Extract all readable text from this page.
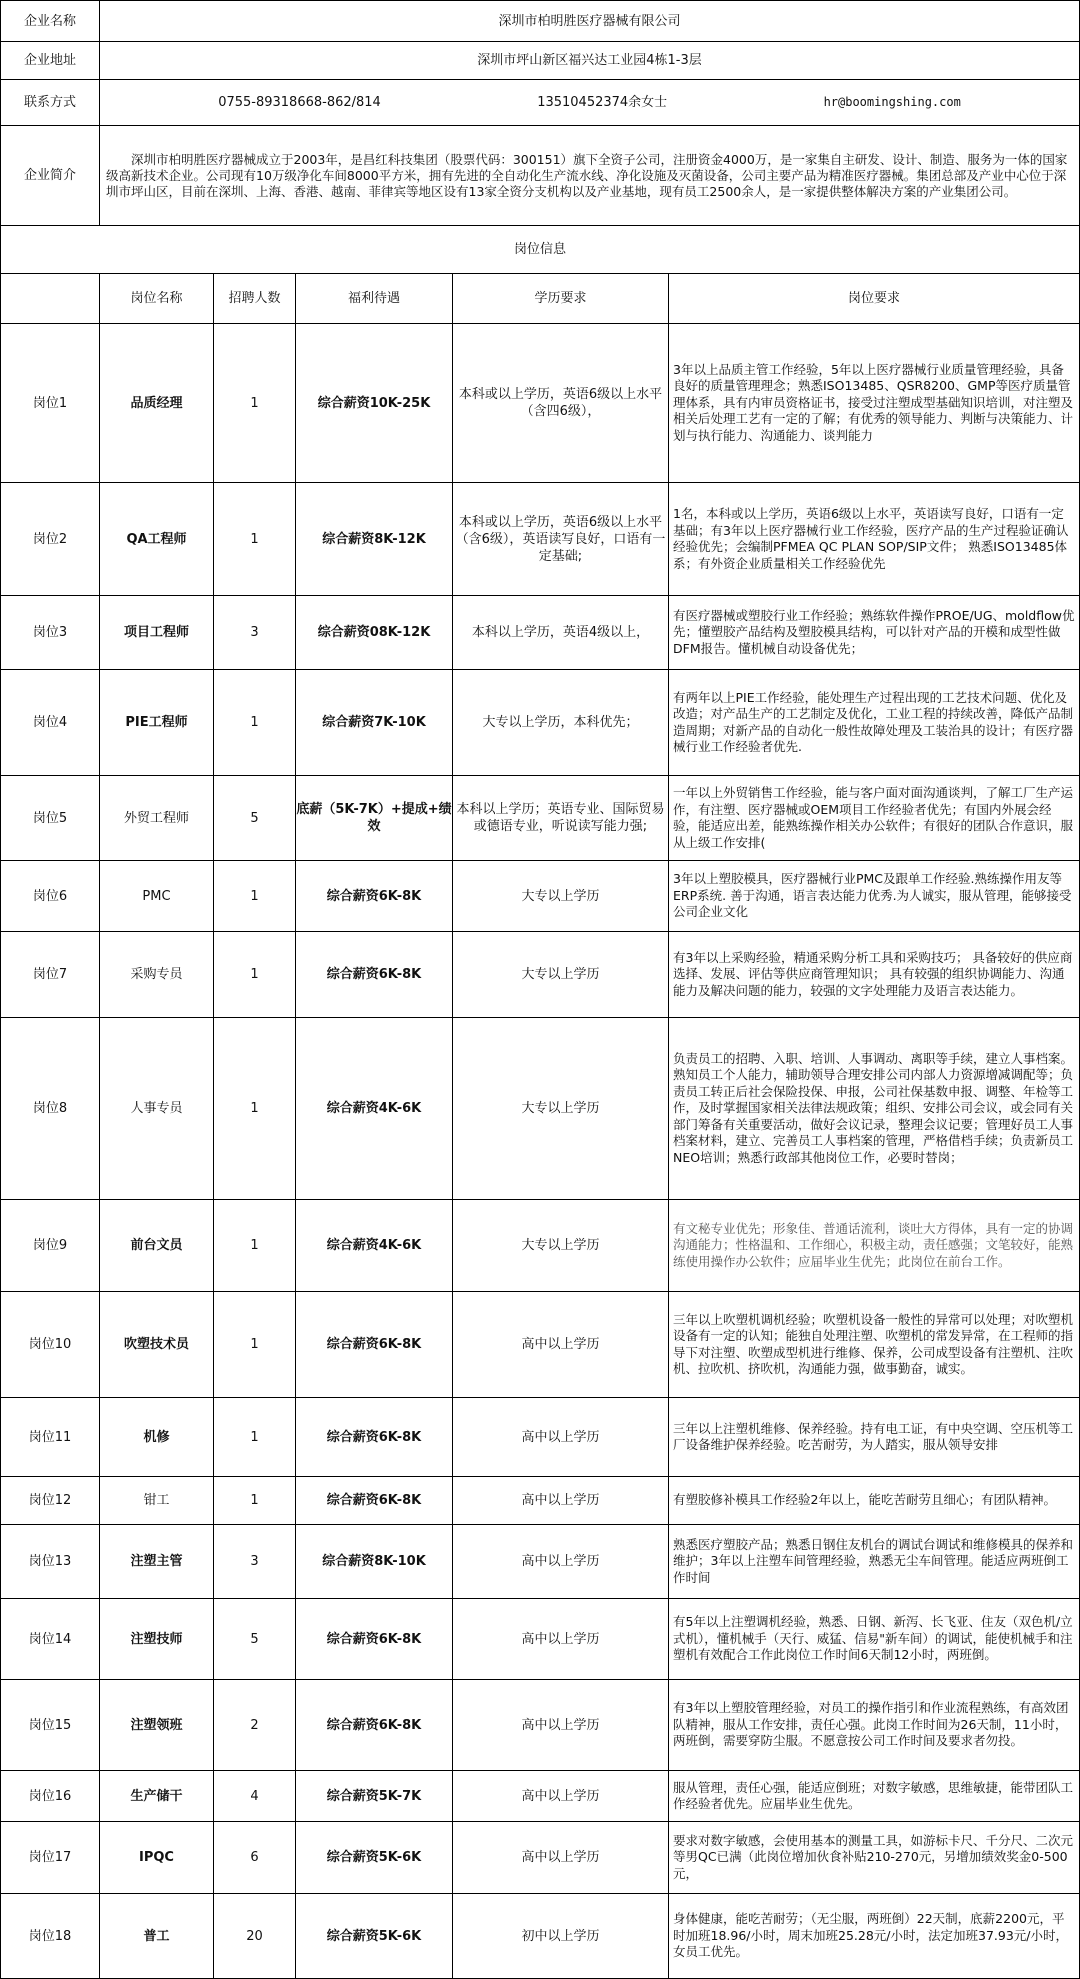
企业名称	深圳市柏明胜医疗器械有限公司				
企业地址	深圳市坪山新区福兴达工业园4栋1-3层				
联系方式	0755-89318668-862/814 13510452374余女士 hr@boomingshing.com				

企业简介	深圳市柏明胜医疗器械成立于2003年，是昌红科技集团（股票代码：300151）旗下全资子公司，注册资金4000万，是一家集自主研发、设计、制造、服务为一体的国家级高新技术企业。公司现有10万级净化车间8000平方米，拥有先进的全自动化生产流水线、净化设施及灭菌设备，公司主要产品为精准医疗器械。集团总部及产业中心位于深圳市坪山区，目前在深圳、上海、香港、越南、菲律宾等地区设有13家全资分支机构以及产业基地，现有员工2500余人，是一家提供整体解决方案的产业集团公司。				
岗位信息					
	岗位名称	招聘人数	福利待遇	学历要求	岗位要求
岗位1	品质经理	1	综合薪资10K-25K	本科或以上学历，英语6级以上水平（含四6级），	3年以上品质主管工作经验，5年以上医疗器械行业质量管理经验，具备良好的质量管理理念；熟悉ISO13485、QSR8200、GMP等医疗质量管理体系，具有内审员资格证书，接受过注塑成型基础知识培训，对注塑及相关后处理工艺有一定的了解；有优秀的领导能力、判断与决策能力、计划与执行能力、沟通能力、谈判能力
岗位2	QA工程师	1	综合薪资8K-12K	本科或以上学历，英语6级以上水平（含6级），英语读写良好，口语有一定基础;	1名，本科或以上学历，英语6级以上水平，英语读写良好，口语有一定基础；有3年以上医疗器械行业工作经验，医疗产品的生产过程验证确认经验优先；会编制PFMEA QC PLAN SOP/SIP文件； 熟悉ISO13485体系；有外资企业质量相关工作经验优先
岗位3	项目工程师	3	综合薪资08K-12K	本科以上学历，英语4级以上，	有医疗器械或塑胶行业工作经验；熟练软件操作PROE/UG、moldflow优先；懂塑胶产品结构及塑胶模具结构，可以针对产品的开模和成型性做DFM报告。懂机械自动设备优先；
岗位4	PIE工程师	1	综合薪资7K-10K	大专以上学历，本科优先；	有两年以上PIE工作经验，能处理生产过程出现的工艺技术问题、优化及改造；对产品生产的工艺制定及优化，工业工程的持续改善，降低产品制造周期；对新产品的自动化一般性故障处理及工装治具的设计；有医疗器械行业工作经验者优先.
岗位5	外贸工程师	5	底薪（5K-7K）+提成+绩效	本科以上学历；英语专业、国际贸易或德语专业，听说读写能力强;	一年以上外贸销售工作经验，能与客户面对面沟通谈判，了解工厂生产运作，有注塑、医疗器械或OEM项目工作经验者优先；有国内外展会经验，能适应出差，能熟练操作相关办公软件；有很好的团队合作意识，服从上级工作安排(
岗位6	PMC	1	综合薪资6K-8K	大专以上学历	3年以上塑胶模具，医疗器械行业PMC及跟单工作经验.熟练操作用友等ERP系统. 善于沟通，语言表达能力优秀.为人诚实，服从管理，能够接受公司企业文化
岗位7	采购专员	1	综合薪资6K-8K	大专以上学历	有3年以上采购经验，精通采购分析工具和采购技巧； 具备较好的供应商选择、发展、评估等供应商管理知识； 具有较强的组织协调能力、沟通能力及解决问题的能力，较强的文字处理能力及语言表达能力。
岗位8	人事专员	1	综合薪资4K-6K	大专以上学历	负责员工的招聘、入职、培训、人事调动、离职等手续，建立人事档案。熟知员工个人能力，辅助领导合理安排公司内部人力资源增减调配等；负责员工转正后社会保险投保、申报，公司社保基数申报、调整、年检等工作，及时掌握国家相关法律法规政策；组织、安排公司会议，或会同有关部门筹备有关重要活动，做好会议记录，整理会议记要；管理好员工人事档案材料，建立、完善员工人事档案的管理，严格借档手续；负责新员工NEO培训；熟悉行政部其他岗位工作，必要时替岗；
岗位9	前台文员	1	综合薪资4K-6K	大专以上学历	有文秘专业优先；形象佳、普通话流利，谈吐大方得体，具有一定的协调沟通能力；性格温和、工作细心，积极主动，责任感强；文笔较好，能熟练使用操作办公软件；应届毕业生优先；此岗位在前台工作。
岗位10	吹塑技术员	1	综合薪资6K-8K	高中以上学历	三年以上吹塑机调机经验；吹塑机设备一般性的异常可以处理；对吹塑机设备有一定的认知；能独自处理注塑、吹塑机的常发异常，在工程师的指导下对注塑、吹塑成型机进行维修、保养，公司成型设备有注塑机、注吹机、拉吹机、挤吹机，沟通能力强，做事勤奋，诚实。
岗位11	机修	1	综合薪资6K-8K	高中以上学历	三年以上注塑机维修、保养经验。持有电工证，有中央空调、空压机等工厂设备维护保养经验。吃苦耐劳，为人踏实，服从领导安排
岗位12	钳工	1	综合薪资6K-8K	高中以上学历	有塑胶修补模具工作经验2年以上，能吃苦耐劳且细心；有团队精神。
岗位13	注塑主管	3	综合薪资8K-10K	高中以上学历	熟悉医疗塑胶产品；熟悉日钢住友机台的调试台调试和维修模具的保养和维护；3年以上注塑车间管理经验，熟悉无尘车间管理。能适应两班倒工作时间
岗位14	注塑技师	5	综合薪资6K-8K	高中以上学历	有5年以上注塑调机经验，熟悉、日钢、新泻、长飞亚、住友（双色机/立式机），懂机械手（天行、威猛、信易"新车间）的调试，能使机械手和注塑机有效配合工作此岗位工作时间6天制12小时，两班倒。
岗位15	注塑领班	2	综合薪资6K-8K	高中以上学历	有3年以上塑胶管理经验，对员工的操作指引和作业流程熟练，有高效团队精神，服从工作安排，责任心强。此岗工作时间为26天制，11小时，两班倒，需要穿防尘服。不愿意按公司工作时间及要求者勿投。
岗位16	生产储干	4	综合薪资5K-7K	高中以上学历	服从管理，责任心强，能适应倒班；对数字敏感，思维敏捷，能带团队工作经验者优先。应届毕业生优先。
岗位17	IPQC	6	综合薪资5K-6K	高中以上学历	要求对数字敏感，会使用基本的测量工具，如游标卡尺、千分尺、二次元等男QC已满（此岗位增加伙食补贴210-270元，另增加绩效奖金0-500元，
岗位18	普工	20	综合薪资5K-6K	初中以上学历	身体健康，能吃苦耐劳；（无尘服，两班倒）22天制，底薪2200元，平时加班18.96/小时，周末加班25.28元/小时，法定加班37.93元/小时，女员工优先。
